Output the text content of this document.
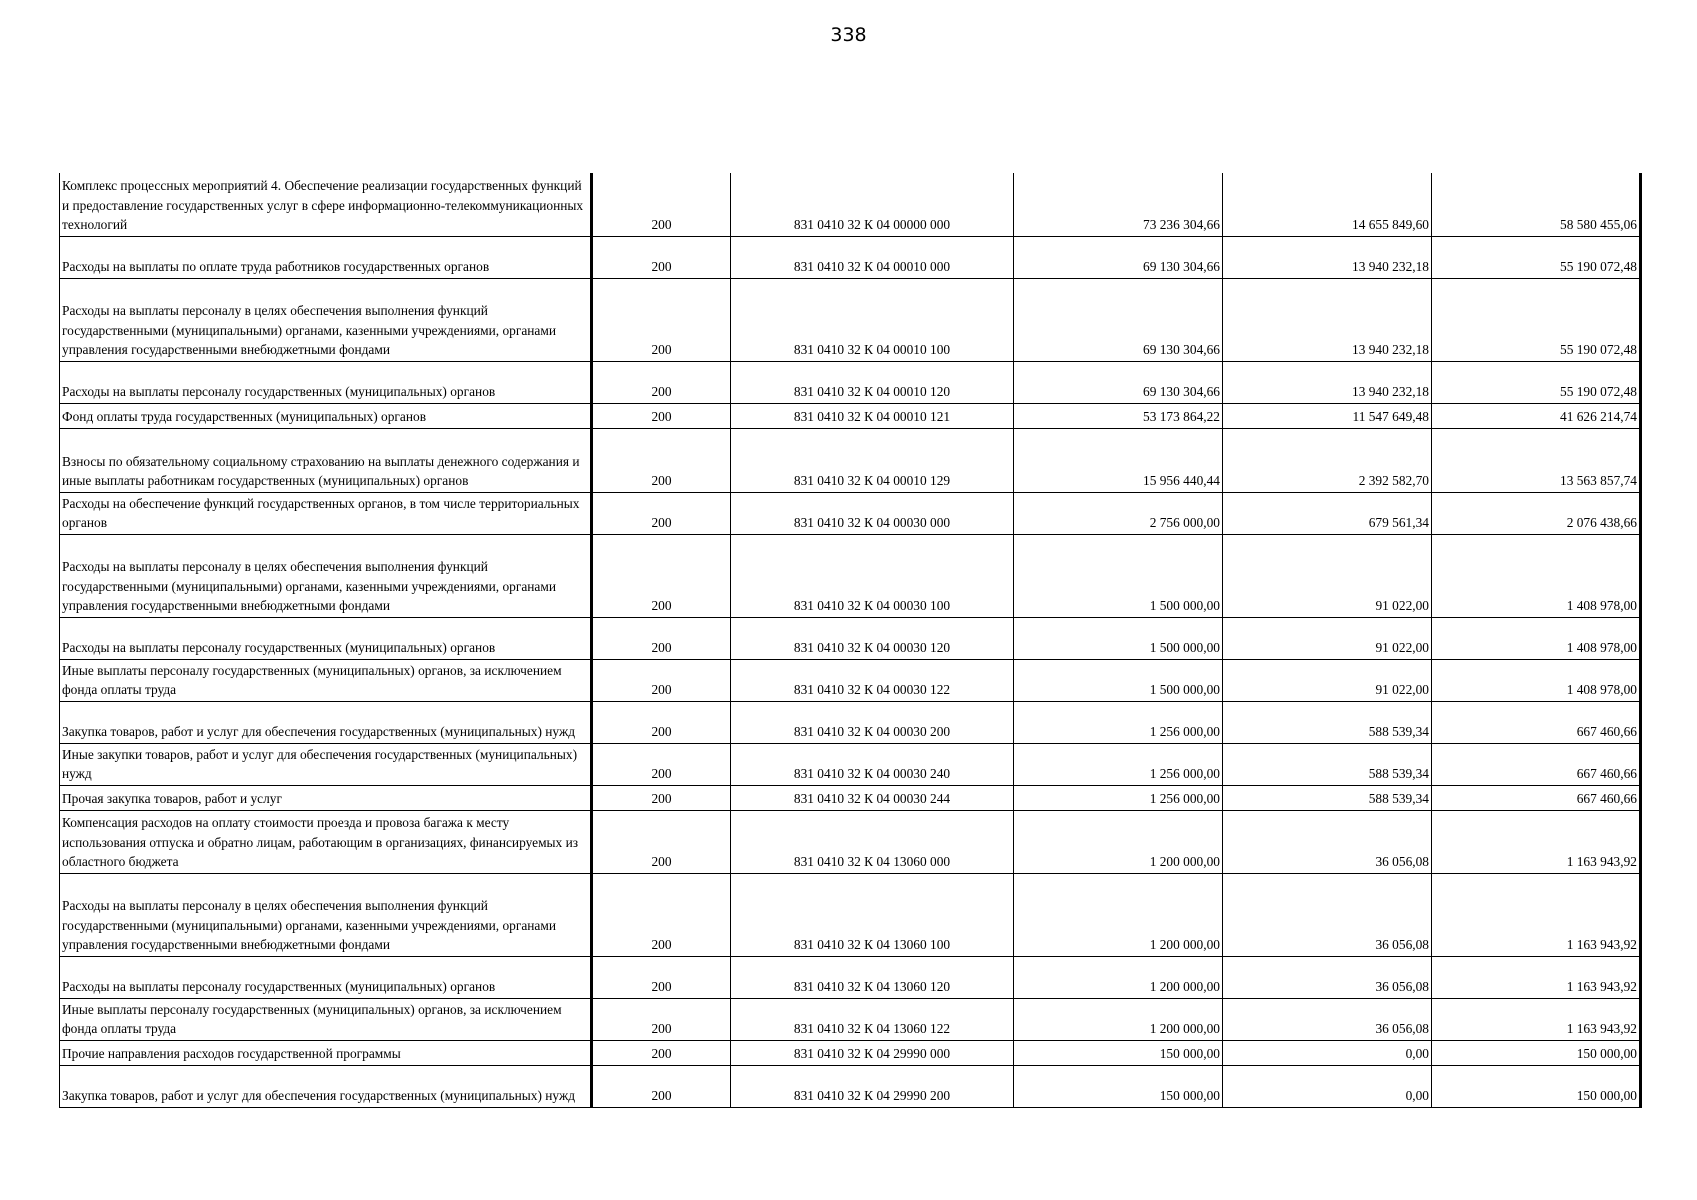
338
Комплекс процессных мероприятий 4. Обеспечение реализации государственных функций и предоставление государственных услуг в сфере информационно-телекоммуникационных технологий	200	831 0410 32 К 04 00000 000	73 236 304,66	14 655 849,60	58 580 455,06
Расходы на выплаты по оплате труда работников государственных органов	200	831 0410 32 К 04 00010 000	69 130 304,66	13 940 232,18	55 190 072,48
Расходы на выплаты персоналу в целях обеспечения выполнения функций государственными (муниципальными) органами, казенными учреждениями, органами управления государственными внебюджетными фондами	200	831 0410 32 К 04 00010 100	69 130 304,66	13 940 232,18	55 190 072,48
Расходы на выплаты персоналу государственных (муниципальных) органов	200	831 0410 32 К 04 00010 120	69 130 304,66	13 940 232,18	55 190 072,48
Фонд оплаты труда государственных (муниципальных) органов	200	831 0410 32 К 04 00010 121	53 173 864,22	11 547 649,48	41 626 214,74
Взносы по обязательному социальному страхованию на выплаты денежного содержания и иные выплаты работникам государственных (муниципальных) органов	200	831 0410 32 К 04 00010 129	15 956 440,44	2 392 582,70	13 563 857,74
Расходы на обеспечение функций государственных органов, в том числе территориальных органов	200	831 0410 32 К 04 00030 000	2 756 000,00	679 561,34	2 076 438,66
Расходы на выплаты персоналу в целях обеспечения выполнения функций государственными (муниципальными) органами, казенными учреждениями, органами управления государственными внебюджетными фондами	200	831 0410 32 К 04 00030 100	1 500 000,00	91 022,00	1 408 978,00
Расходы на выплаты персоналу государственных (муниципальных) органов	200	831 0410 32 К 04 00030 120	1 500 000,00	91 022,00	1 408 978,00
Иные выплаты персоналу государственных (муниципальных) органов, за исключением фонда оплаты труда	200	831 0410 32 К 04 00030 122	1 500 000,00	91 022,00	1 408 978,00
Закупка товаров, работ и услуг для обеспечения государственных (муниципальных) нужд	200	831 0410 32 К 04 00030 200	1 256 000,00	588 539,34	667 460,66
Иные закупки товаров, работ и услуг для обеспечения государственных (муниципальных) нужд	200	831 0410 32 К 04 00030 240	1 256 000,00	588 539,34	667 460,66
Прочая закупка товаров, работ и услуг	200	831 0410 32 К 04 00030 244	1 256 000,00	588 539,34	667 460,66
Компенсация расходов на оплату стоимости проезда и провоза багажа к месту использования отпуска и обратно лицам, работающим в организациях, финансируемых из областного бюджета	200	831 0410 32 К 04 13060 000	1 200 000,00	36 056,08	1 163 943,92
Расходы на выплаты персоналу в целях обеспечения выполнения функций государственными (муниципальными) органами, казенными учреждениями, органами управления государственными внебюджетными фондами	200	831 0410 32 К 04 13060 100	1 200 000,00	36 056,08	1 163 943,92
Расходы на выплаты персоналу государственных (муниципальных) органов	200	831 0410 32 К 04 13060 120	1 200 000,00	36 056,08	1 163 943,92
Иные выплаты персоналу государственных (муниципальных) органов, за исключением фонда оплаты труда	200	831 0410 32 К 04 13060 122	1 200 000,00	36 056,08	1 163 943,92
Прочие направления расходов государственной программы	200	831 0410 32 К 04 29990 000	150 000,00	0,00	150 000,00
Закупка товаров, работ и услуг для обеспечения государственных (муниципальных) нужд	200	831 0410 32 К 04 29990 200	150 000,00	0,00	150 000,00
